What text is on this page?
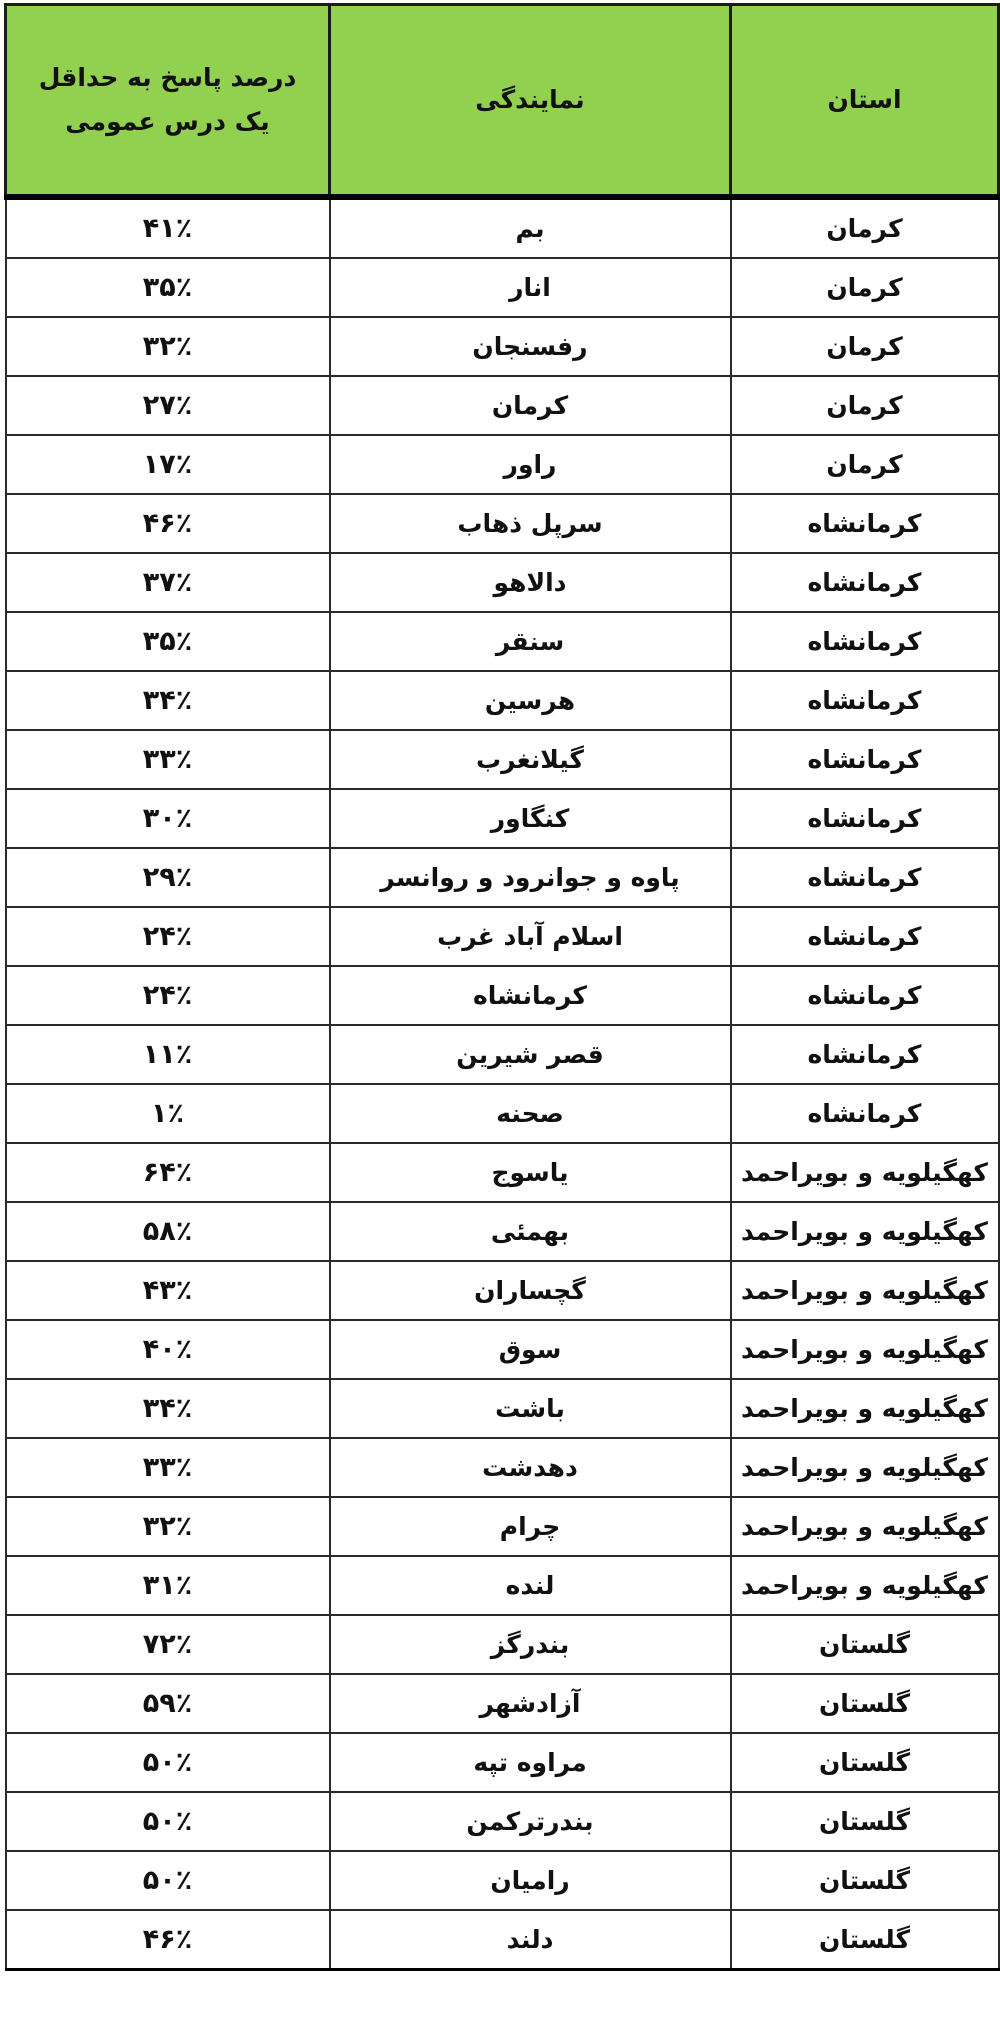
درصد پاسخ به حداقل یک درس عمومی	نمایندگی	استان
۴۱٪	بم	کرمان
۳۵٪	انار	کرمان
۳۲٪	رفسنجان	کرمان
۲۷٪	کرمان	کرمان
۱۷٪	راور	کرمان
۴۶٪	سرپل ذهاب	کرمانشاه
۳۷٪	دالاهو	کرمانشاه
۳۵٪	سنقر	کرمانشاه
۳۴٪	هرسین	کرمانشاه
۳۳٪	گیلانغرب	کرمانشاه
۳۰٪	کنگاور	کرمانشاه
۲۹٪	پاوه و جوانرود و روانسر	کرمانشاه
۲۴٪	اسلام آباد غرب	کرمانشاه
۲۴٪	کرمانشاه	کرمانشاه
۱۱٪	قصر شیرین	کرمانشاه
۱٪	صحنه	کرمانشاه
۶۴٪	یاسوج	کهگیلویه و بویراحمد
۵۸٪	بهمئی	کهگیلویه و بویراحمد
۴۳٪	گچساران	کهگیلویه و بویراحمد
۴۰٪	سوق	کهگیلویه و بویراحمد
۳۴٪	باشت	کهگیلویه و بویراحمد
۳۳٪	دهدشت	کهگیلویه و بویراحمد
۳۲٪	چرام	کهگیلویه و بویراحمد
۳۱٪	لنده	کهگیلویه و بویراحمد
۷۲٪	بندرگز	گلستان
۵۹٪	آزادشهر	گلستان
۵۰٪	مراوه تپه	گلستان
۵۰٪	بندرترکمن	گلستان
۵۰٪	رامیان	گلستان
۴۶٪	دلند	گلستان
